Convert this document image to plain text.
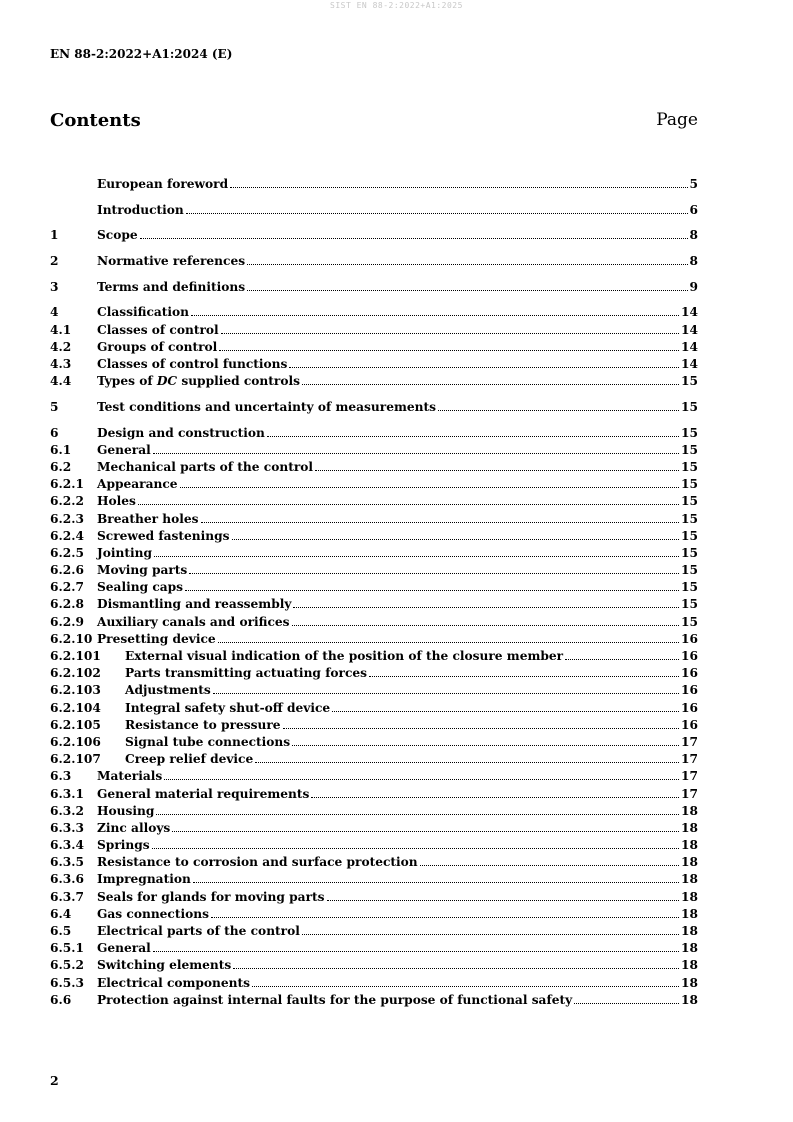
SIST EN 88-2:2022+A1:2025
EN 88-2:2022+A1:2024 (E)
Contents	Page
European foreword	5
Introduction	6
1	Scope	8
2	Normative references	8
3	Terms and definitions	9
4	Classification	14
4.1	Classes of control	14
4.2	Groups of control	14
4.3	Classes of control functions	14
4.4	Types of DC supplied controls	15
5	Test conditions and uncertainty of measurements	15
6	Design and construction	15
6.1	General	15
6.2	Mechanical parts of the control	15
6.2.1	Appearance	15
6.2.2	Holes	15
6.2.3	Breather holes	15
6.2.4	Screwed fastenings	15
6.2.5	Jointing	15
6.2.6	Moving parts	15
6.2.7	Sealing caps	15
6.2.8	Dismantling and reassembly	15
6.2.9	Auxiliary canals and orifices	15
6.2.10 Presetting device	16
6.2.101	External visual indication of the position of the closure member	16
6.2.102	Parts transmitting actuating forces	16
6.2.103	Adjustments	16
6.2.104	Integral safety shut-off device	16
6.2.105	Resistance to pressure	16
6.2.106	Signal tube connections	17
6.2.107	Creep relief device	17
6.3	Materials	17
6.3.1	General material requirements	17
6.3.2	Housing	18
6.3.3	Zinc alloys	18
6.3.4	Springs	18
6.3.5	Resistance to corrosion and surface protection	18
6.3.6	Impregnation	18
6.3.7	Seals for glands for moving parts	18
6.4	Gas connections	18
6.5	Electrical parts of the control	18
6.5.1	General	18
6.5.2	Switching elements	18
6.5.3	Electrical components	18
6.6	Protection against internal faults for the purpose of functional safety	18
2
